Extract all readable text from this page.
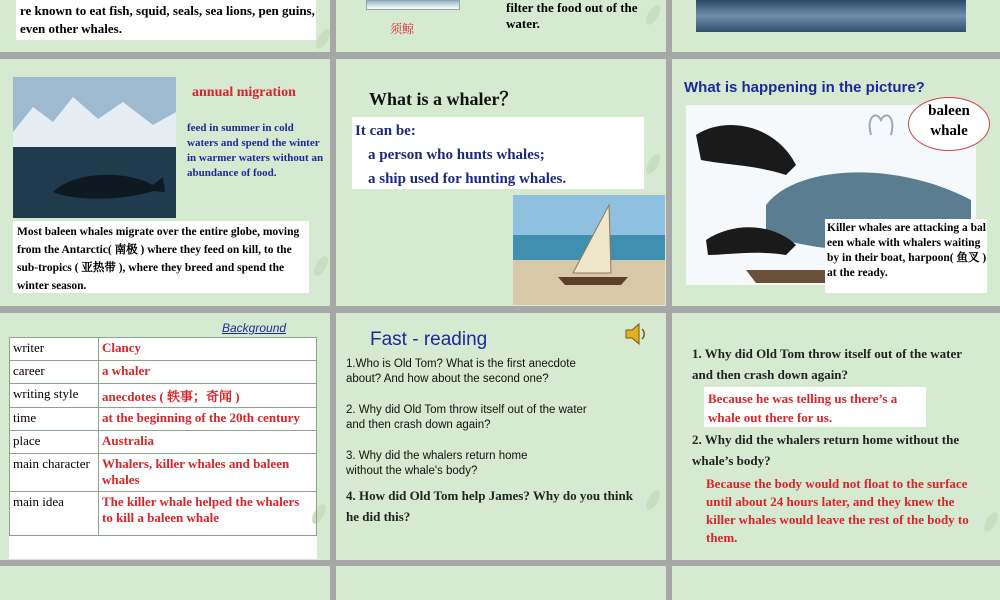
re known to eat fish, squid, seals, sea lions, pen guins, even other whales.	须鲸
filter the food out of the water.
annual migration
feed in summer in cold waters and spend the winter in warmer waters without an abundance of food.
Most baleen whales migrate over the entire globe, moving from the Antarctic( 南极 ) where they feed on kill, to the sub-tropics ( 亚热带 ), where they breed and spend the winter season.
What is a whaler？
It can be:
a person who hunts whales;
a ship used for hunting whales.
What is happening in the picture?
baleen whale
Killer whales are attacking a baleen whale with whalers waiting by in their boat, harpoon( 鱼叉 ) at the ready.
Background
writer	Clancy
career	a whaler
writing style	anecdotes ( 轶事；奇闻 )
time	at the beginning of the 20th century
place	Australia
main character	Whalers, killer whales and baleen whales
main idea	The killer whale helped the whalers to kill a baleen whale
Fast - reading
1.Who is Old Tom? What is the first anecdote about? And how about the second one?
2. Why did Old Tom throw itself out of the water and then crash down again?
3. Why did the whalers return home without the whale's body?
4. How did Old Tom help James? Why do you think he did this?
1. Why did Old Tom throw itself out of the water and then crash down again?
Because he was telling us there’s a whale out there for us.
2. Why did the whalers return home without the whale’s body?
Because the body would not float to the surface until about 24 hours later, and they knew the killer whales would leave the rest of the body to them.
